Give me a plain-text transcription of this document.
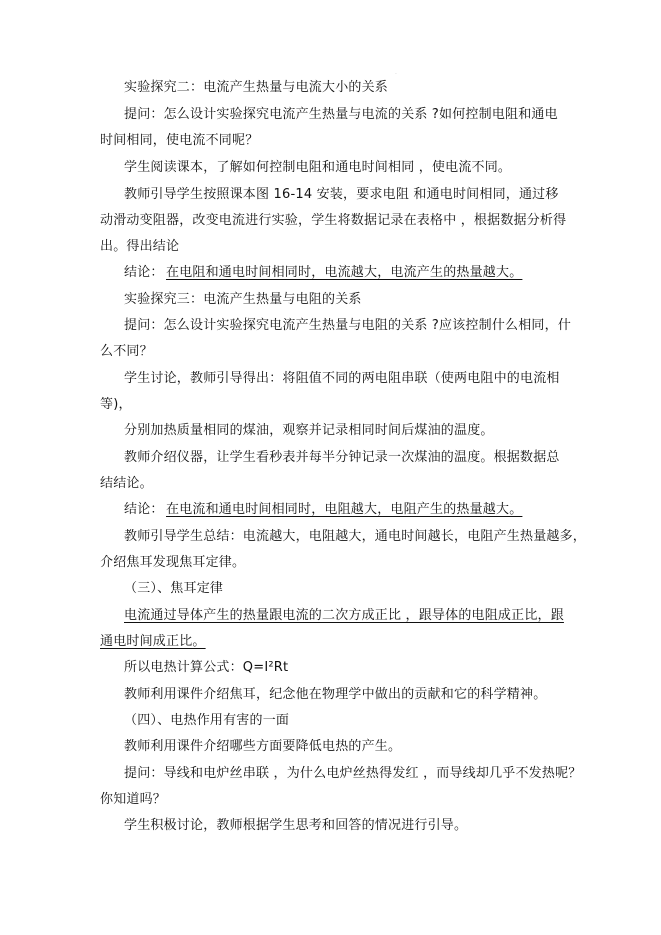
·
实验探究二：电流产生热量与电流大小的关系
提问：怎么设计实验探究电流产生热量与电流的关系 ?如何控制电阻和通电
时间相同，使电流不同呢？
学生阅读课本，了解如何控制电阻和通电时间相同 ，使电流不同。
教师引导学生按照课本图 16-14 安装，要求电阻 和通电时间相同，通过移
动滑动变阻器，改变电流进行实验，学生将数据记录在表格中 ，根据数据分析得
出。得出结论
结论： 在电阻和通电时间相同时，电流越大，电流产生的热量越大。
实验探究三：电流产生热量与电阻的关系
提问：怎么设计实验探究电流产生热量与电阻的关系 ?应该控制什么相同，什
么不同？
学生讨论，教师引导得出：将阻值不同的两电阻串联（使两电阻中的电流相
等)，
分别加热质量相同的煤油，观察并记录相同时间后煤油的温度。
教师介绍仪器，让学生看秒表并每半分钟记录一次煤油的温度。根据数据总
结结论。
结论： 在电流和通电时间相同时，电阻越大，电阻产生的热量越大。
教师引导学生总结：电流越大，电阻越大，通电时间越长，电阻产生热量越多，
介绍焦耳发现焦耳定律。
（三）、焦耳定律
电流通过导体产生的热量跟电流的二次方成正比 ，跟导体的电阻成正比，跟
通电时间成正比。
所以电热计算公式：Q=I²Rt
教师利用课件介绍焦耳，纪念他在物理学中做出的贡献和它的科学精神。
（四）、电热作用有害的一面
教师利用课件介绍哪些方面要降低电热的产生。
提问：导线和电炉丝串联 ，为什么电炉丝热得发红 ，而导线却几乎不发热呢？
你知道吗？
学生积极讨论，教师根据学生思考和回答的情况进行引导。
